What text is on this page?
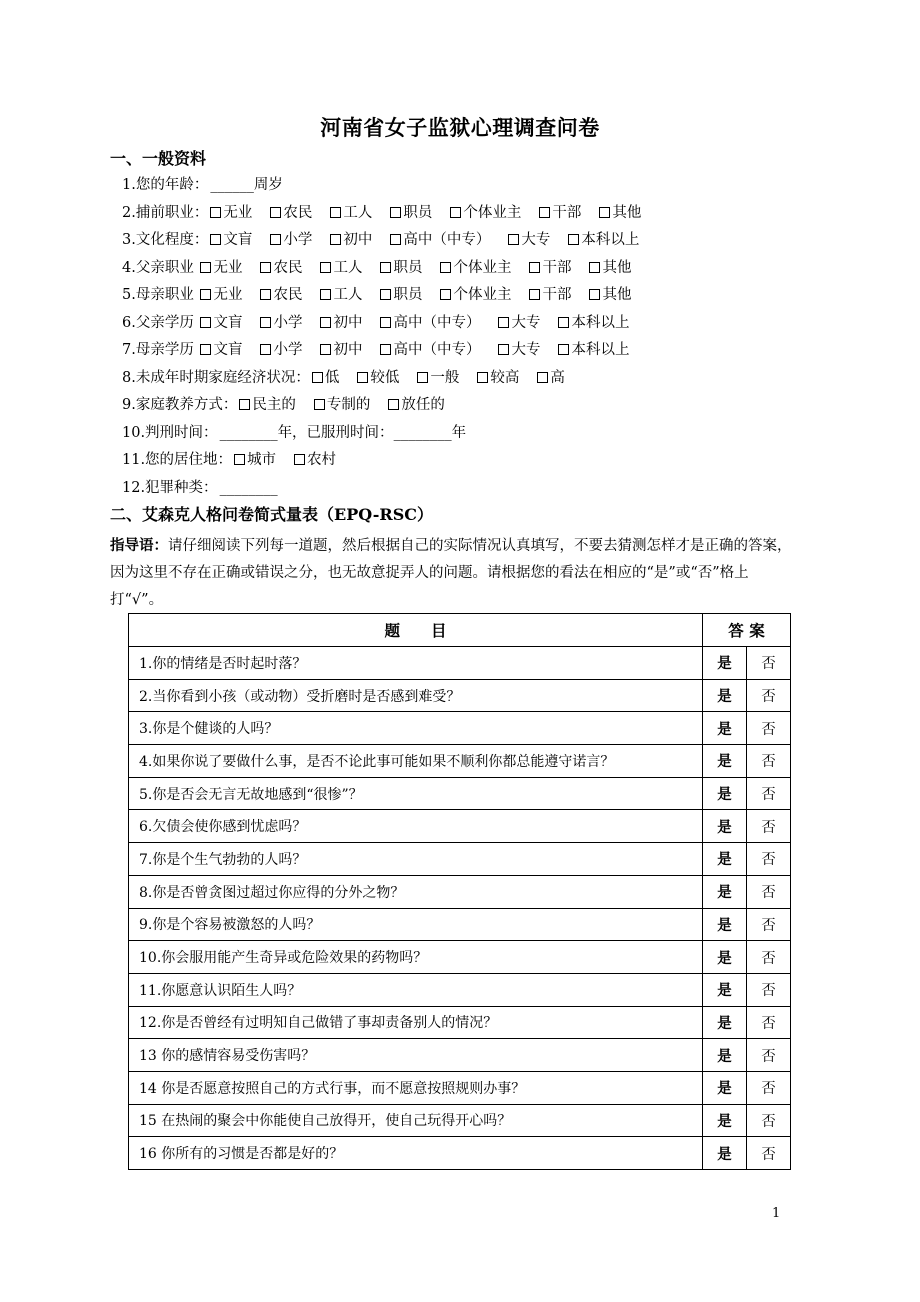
河南省女子监狱心理调查问卷
一、一般资料
1.您的年龄： ______周岁
2.捕前职业： 无业 农民 工人 职员 个体业主 干部 其他
3.文化程度： 文盲 小学 初中 高中（中专） 大专 本科以上
4.父亲职业 无业 农民 工人 职员 个体业主 干部 其他
5.母亲职业 无业 农民 工人 职员 个体业主 干部 其他
6.父亲学历 文盲 小学 初中 高中（中专） 大专 本科以上
7.母亲学历 文盲 小学 初中 高中（中专） 大专 本科以上
8.未成年时期家庭经济状况： 低 较低 一般 较高 高
9.家庭教养方式： 民主的 专制的 放任的
10.判刑时间： ________年，已服刑时间：________年
11.您的居住地： 城市 农村
12.犯罪种类： ________
二、艾森克人格问卷简式量表（EPQ-RSC）
指导语：请仔细阅读下列每一道题，然后根据自己的实际情况认真填写，不要去猜测怎样才是正确的答案，因为这里不存在正确或错误之分，也无故意捉弄人的问题。请根据您的看法在相应的“是”或“否”格上打“√”。
题　　目	答 案	
1.你的情绪是否时起时落？	是	否
2.当你看到小孩（或动物）受折磨时是否感到难受？	是	否
3.你是个健谈的人吗？	是	否
4.如果你说了要做什么事，是否不论此事可能如果不顺利你都总能遵守诺言？	是	否
5.你是否会无言无故地感到“很惨”？	是	否
6.欠债会使你感到忧虑吗？	是	否
7.你是个生气勃勃的人吗？	是	否
8.你是否曾贪图过超过你应得的分外之物？	是	否
9.你是个容易被激怒的人吗？	是	否
10.你会服用能产生奇异或危险效果的药物吗？	是	否
11.你愿意认识陌生人吗？	是	否
12.你是否曾经有过明知自己做错了事却责备别人的情况？	是	否
13 你的感情容易受伤害吗？	是	否
14 你是否愿意按照自己的方式行事，而不愿意按照规则办事？	是	否
15 在热闹的聚会中你能使自己放得开，使自己玩得开心吗？	是	否
16 你所有的习惯是否都是好的？	是	否
1
